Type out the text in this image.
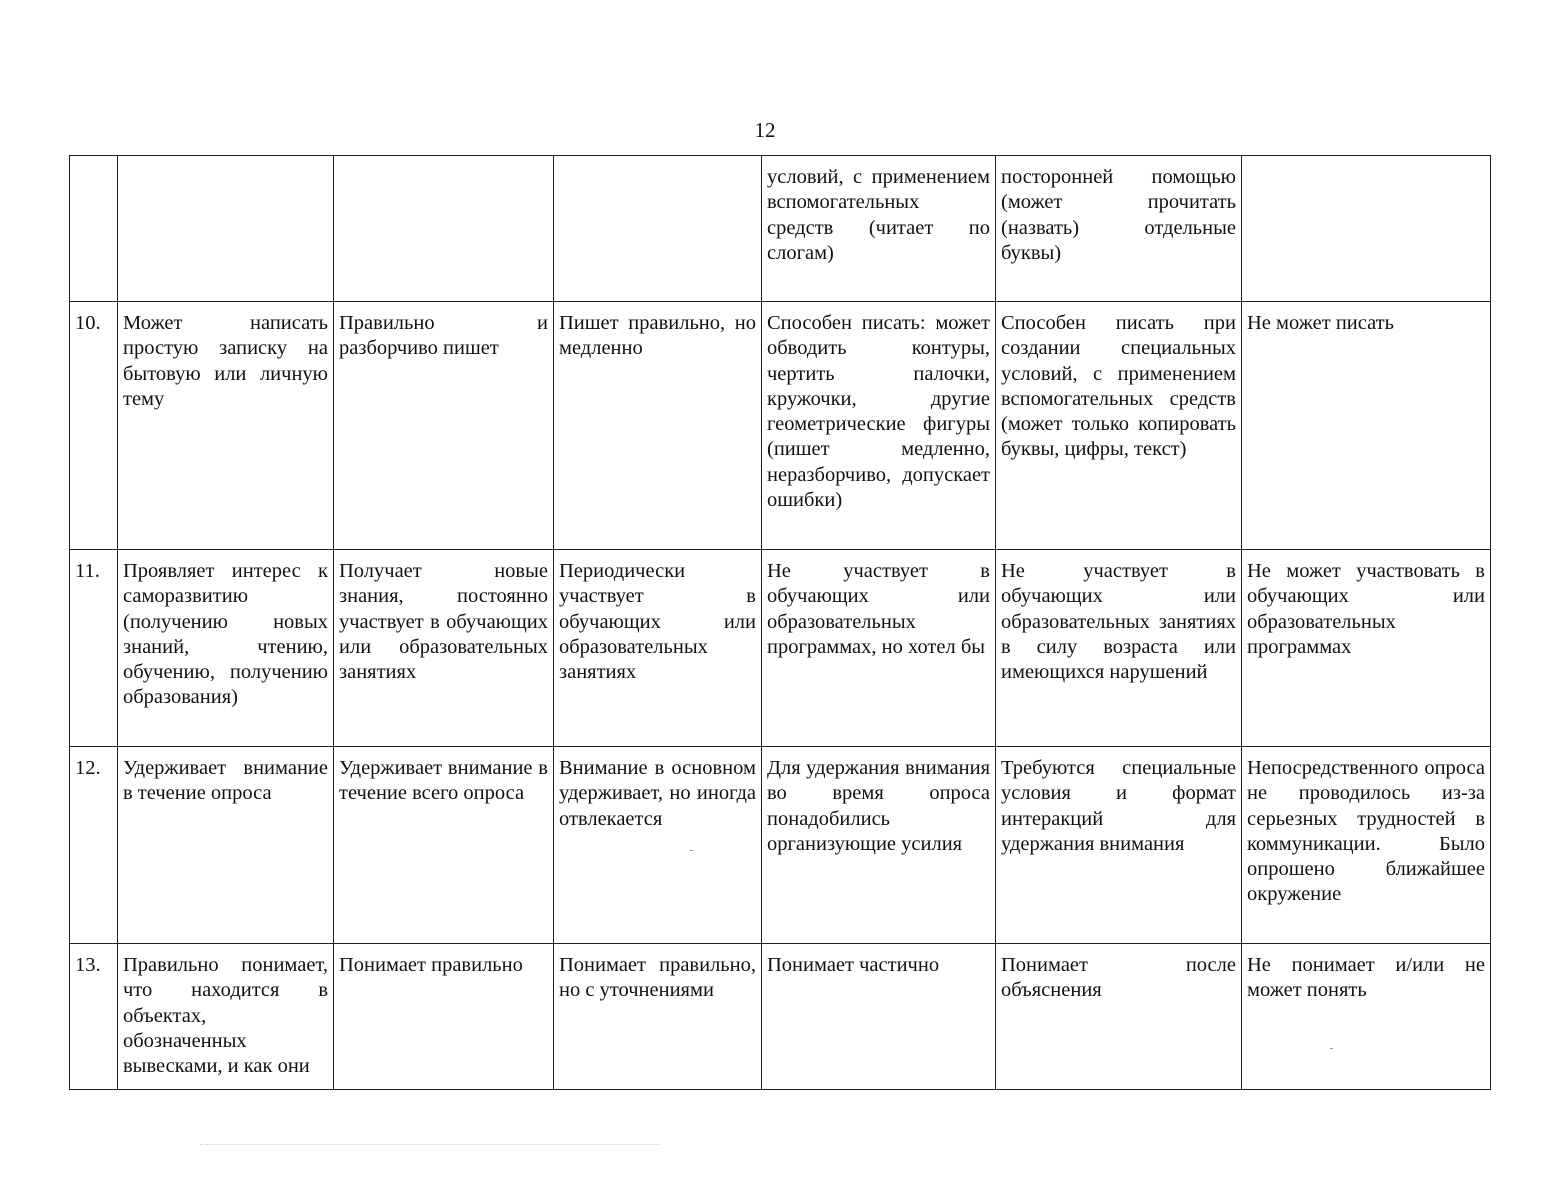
12
				условий, с применением вспомогательных средств (читает по слогам)	посторонней помощью (может прочитать (назвать) отдельные буквы)	
10.	Может написать простую записку на бытовую или личную тему	Правильно и разборчиво пишет	Пишет правильно, но медленно	Способен писать: может обводить контуры, чертить палочки, кружочки, другие геометрические фигуры (пишет медленно, неразборчиво, допускает ошибки)	Способен писать при создании специальных условий, с применением вспомогательных средств (может только копировать буквы, цифры, текст)	Не может писать
11.	Проявляет интерес к саморазвитию (получению новых знаний, чтению, обучению, получению образования)	Получает новые знания, постоянно участвует в обучающих или образовательных занятиях	Периодически участвует в обучающих или образовательных занятиях	Не участвует в обучающих или образовательных программах, но хотел бы	Не участвует в обучающих или образовательных занятиях в силу возраста или имеющихся нарушений	Не может участвовать в обучающих или образовательных программах
12.	Удерживает внимание в течение опроса	Удерживает внимание в течение всего опроса	Внимание в основном удерживает, но иногда отвлекается	Для удержания внимания во время опроса понадобились организующие усилия	Требуются специальные условия и формат интеракций для удержания внимания	Непосредственного опроса не проводилось из-за серьезных трудностей в коммуникации. Было опрошено ближайшее окружение
13.	Правильно понимает, что находится в объектах, обозначенных вывесками, и как они	Понимает правильно	Понимает правильно, но с уточнениями	Понимает частично	Понимает после объяснения	Не понимает и/или не может понять
